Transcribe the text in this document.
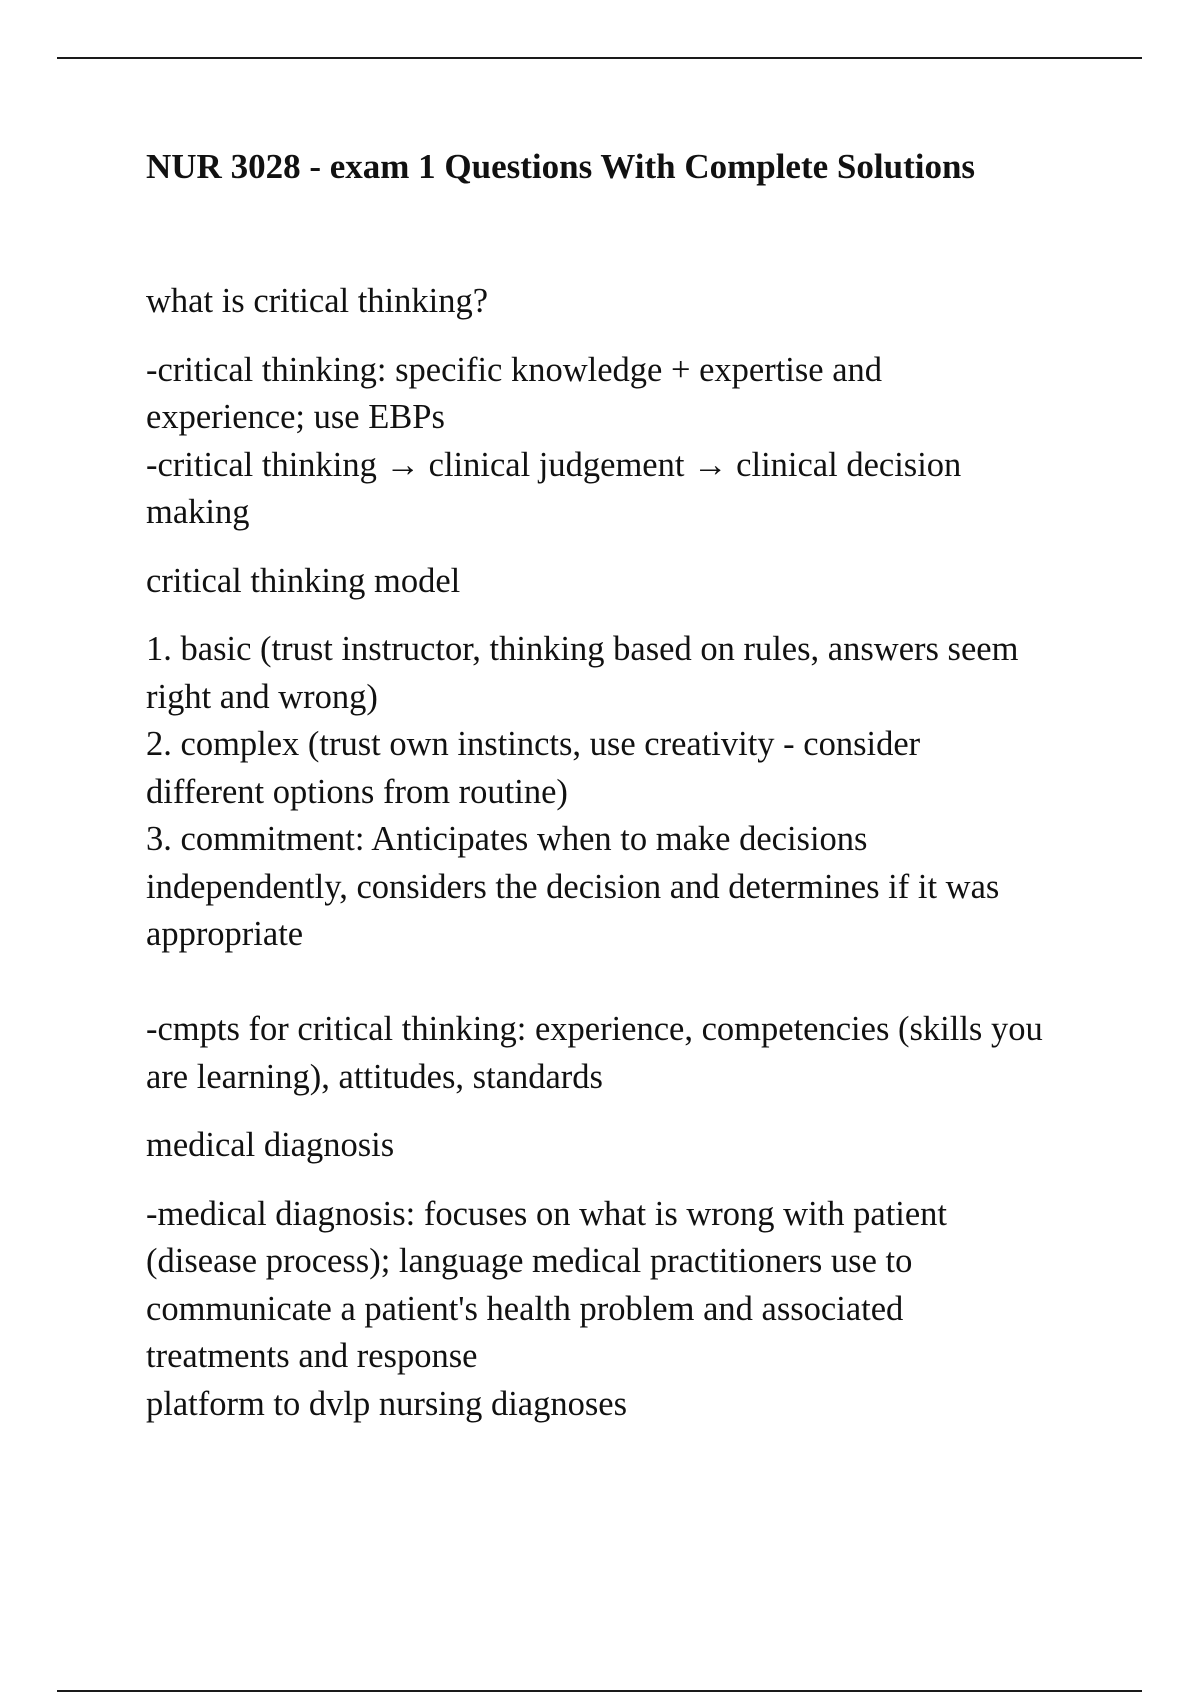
NUR 3028 - exam 1 Questions With Complete Solutions

what is critical thinking?

-critical thinking: specific knowledge + expertise and
experience; use EBPs
-critical thinking → clinical judgement → clinical decision
making

critical thinking model

1. basic (trust instructor, thinking based on rules, answers seem
right and wrong)
2. complex (trust own instincts, use creativity - consider
different options from routine)
3. commitment: Anticipates when to make decisions
independently, considers the decision and determines if it was
appropriate

-cmpts for critical thinking: experience, competencies (skills you
are learning), attitudes, standards

medical diagnosis

-medical diagnosis: focuses on what is wrong with patient
(disease process); language medical practitioners use to
communicate a patient's health problem and associated
treatments and response
platform to dvlp nursing diagnoses
